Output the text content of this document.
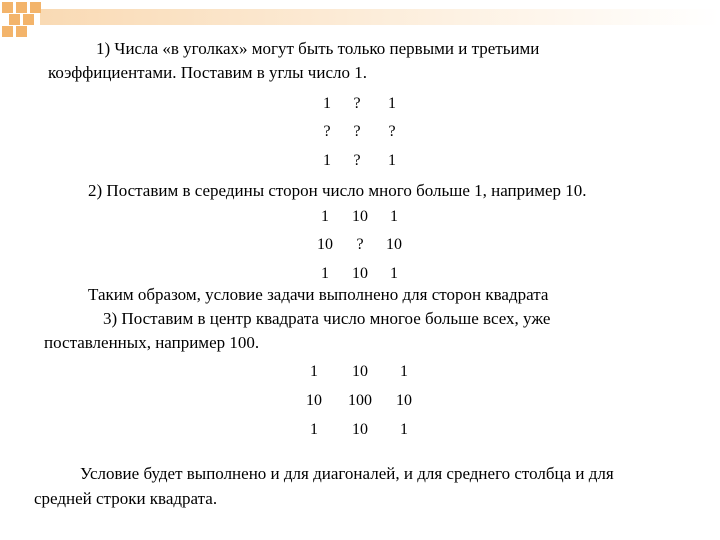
1) Числа «в уголках» могут быть только первыми и третьими
коэффициентами. Поставим в углы число 1.
1	?	1
?	?	?
1	?	1
2) Поставим в середины сторон число много больше 1, например 10.
1	10	1
10	?	10
1	10	1
Таким образом, условие задачи выполнено для сторон квадрата
3) Поставим в центр квадрата число многое больше всех, уже
поставленных, например 100.
1	10	1
10	100	10
1	10	1
Условие будет выполнено и для диагоналей, и для среднего столбца и для
средней строки квадрата.
